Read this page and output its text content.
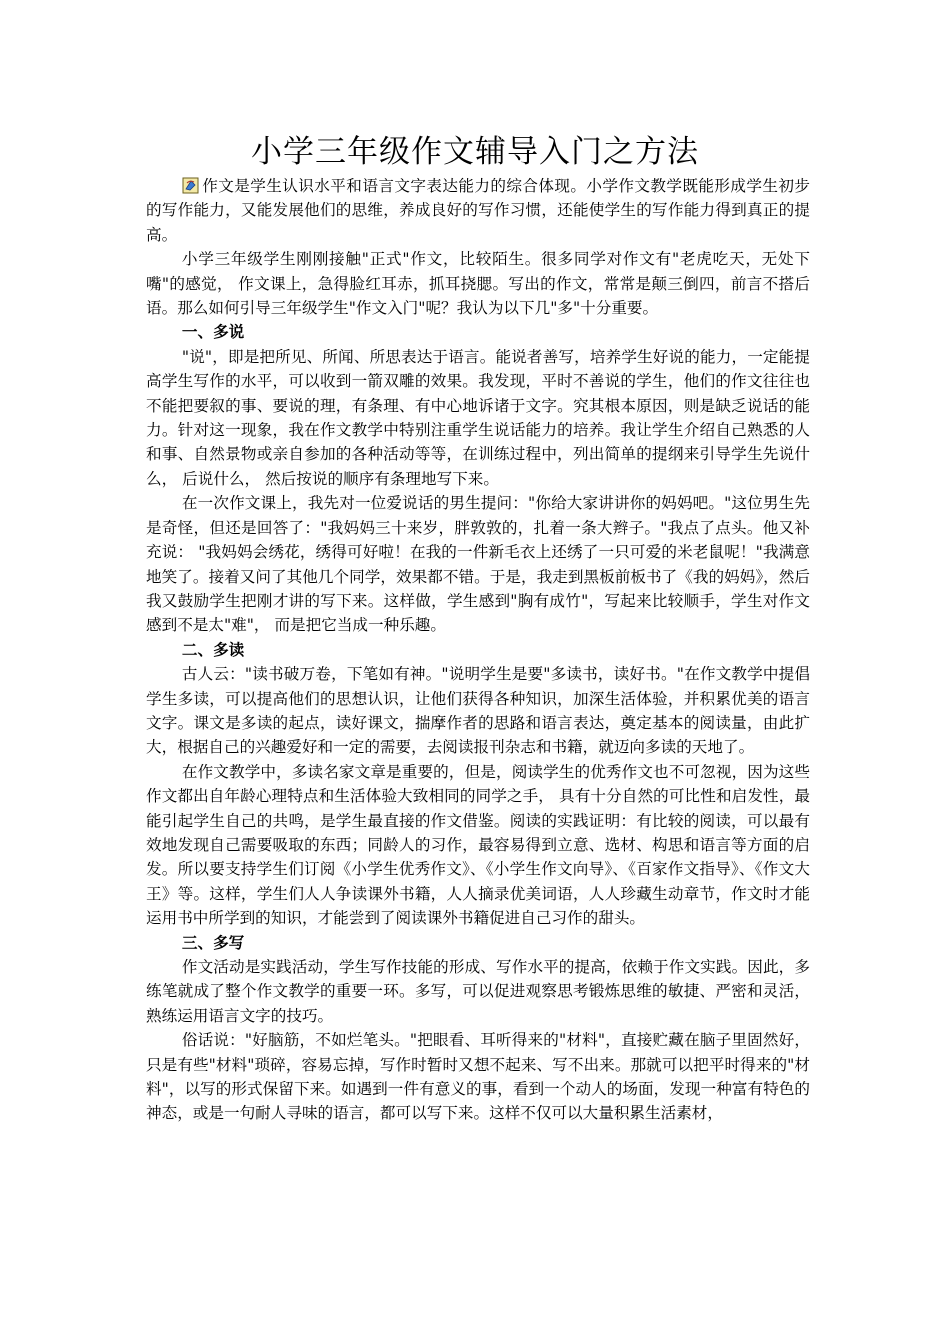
小学三年级作文辅导入门之方法

作文是学生认识水平和语言文字表达能力的综合体现。小学作文教学既能形成学生初步的写作能力，又能发展他们的思维，养成良好的写作习惯，还能使学生的写作能力得到真正的提高。

小学三年级学生刚刚接触"正式"作文，比较陌生。很多同学对作文有"老虎吃天，无处下嘴"的感觉， 作文课上，急得脸红耳赤，抓耳挠腮。写出的作文，常常是颠三倒四，前言不搭后语。那么如何引导三年级学生"作文入门"呢？我认为以下几"多"十分重要。

一、多说

"说"，即是把所见、所闻、所思表达于语言。能说者善写，培养学生好说的能力，一定能提高学生写作的水平，可以收到一箭双雕的效果。我发现，平时不善说的学生，他们的作文往往也不能把要叙的事、要说的理，有条理、有中心地诉诸于文字。究其根本原因，则是缺乏说话的能力。针对这一现象，我在作文教学中特别注重学生说话能力的培养。我让学生介绍自己熟悉的人和事、自然景物或亲自参加的各种活动等等，在训练过程中，列出简单的提纲来引导学生先说什么， 后说什么， 然后按说的顺序有条理地写下来。

在一次作文课上，我先对一位爱说话的男生提问："你给大家讲讲你的妈妈吧。"这位男生先是奇怪，但还是回答了："我妈妈三十来岁，胖敦敦的，扎着一条大辫子。"我点了点头。他又补充说： "我妈妈会绣花，绣得可好啦！在我的一件新毛衣上还绣了一只可爱的米老鼠呢！"我满意地笑了。接着又问了其他几个同学，效果都不错。于是，我走到黑板前板书了《我的妈妈》，然后我又鼓励学生把刚才讲的写下来。这样做，学生感到"胸有成竹"，写起来比较顺手，学生对作文感到不是太"难"， 而是把它当成一种乐趣。

二、多读

古人云："读书破万卷，下笔如有神。"说明学生是要"多读书，读好书。"在作文教学中提倡学生多读，可以提高他们的思想认识，让他们获得各种知识，加深生活体验，并积累优美的语言文字。课文是多读的起点，读好课文，揣摩作者的思路和语言表达，奠定基本的阅读量，由此扩大，根据自己的兴趣爱好和一定的需要，去阅读报刊杂志和书籍，就迈向多读的天地了。

在作文教学中，多读名家文章是重要的，但是，阅读学生的优秀作文也不可忽视，因为这些作文都出自年龄心理特点和生活体验大致相同的同学之手， 具有十分自然的可比性和启发性，最能引起学生自己的共鸣，是学生最直接的作文借鉴。阅读的实践证明：有比较的阅读，可以最有效地发现自己需要吸取的东西；同龄人的习作，最容易得到立意、选材、构思和语言等方面的启发。所以要支持学生们订阅《小学生优秀作文》、《小学生作文向导》、《百家作文指导》、《作文大王》等。这样，学生们人人争读课外书籍，人人摘录优美词语，人人珍藏生动章节，作文时才能运用书中所学到的知识，才能尝到了阅读课外书籍促进自己习作的甜头。

三、多写

作文活动是实践活动，学生写作技能的形成、写作水平的提高，依赖于作文实践。因此，多练笔就成了整个作文教学的重要一环。多写，可以促进观察思考锻炼思维的敏捷、严密和灵活，熟练运用语言文字的技巧。

俗话说："好脑筋，不如烂笔头。"把眼看、耳听得来的"材料"，直接贮藏在脑子里固然好，只是有些"材料"琐碎，容易忘掉，写作时暂时又想不起来、写不出来。那就可以把平时得来的"材料"，以写的形式保留下来。如遇到一件有意义的事，看到一个动人的场面，发现一种富有特色的神态，或是一句耐人寻味的语言，都可以写下来。这样不仅可以大量积累生活素材，
